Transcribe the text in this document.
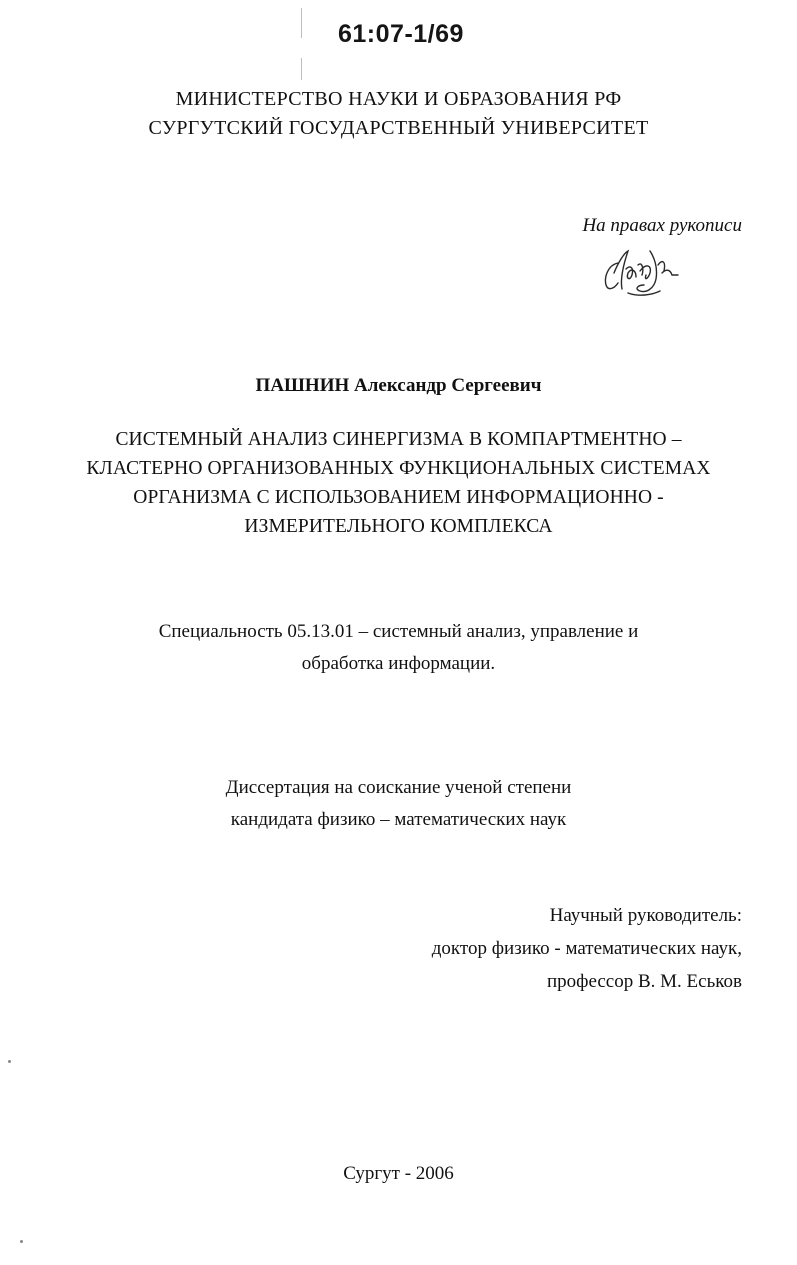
61:07-1/69
МИНИСТЕРСТВО НАУКИ И ОБРАЗОВАНИЯ РФ
СУРГУТСКИЙ ГОСУДАРСТВЕННЫЙ УНИВЕРСИТЕТ
На правах рукописи
ПАШНИН Александр Сергеевич
СИСТЕМНЫЙ АНАЛИЗ СИНЕРГИЗМА В КОМПАРТМЕНТНО –
КЛАСТЕРНО ОРГАНИЗОВАННЫХ ФУНКЦИОНАЛЬНЫХ СИСТЕМАХ
ОРГАНИЗМА С ИСПОЛЬЗОВАНИЕМ ИНФОРМАЦИОННО -
ИЗМЕРИТЕЛЬНОГО КОМПЛЕКСА
Специальность 05.13.01 – системный анализ, управление и
обработка информации.
Диссертация на соискание ученой степени
кандидата физико – математических наук
Научный руководитель:
доктор физико - математических наук,
профессор В. М. Еськов
Сургут - 2006
